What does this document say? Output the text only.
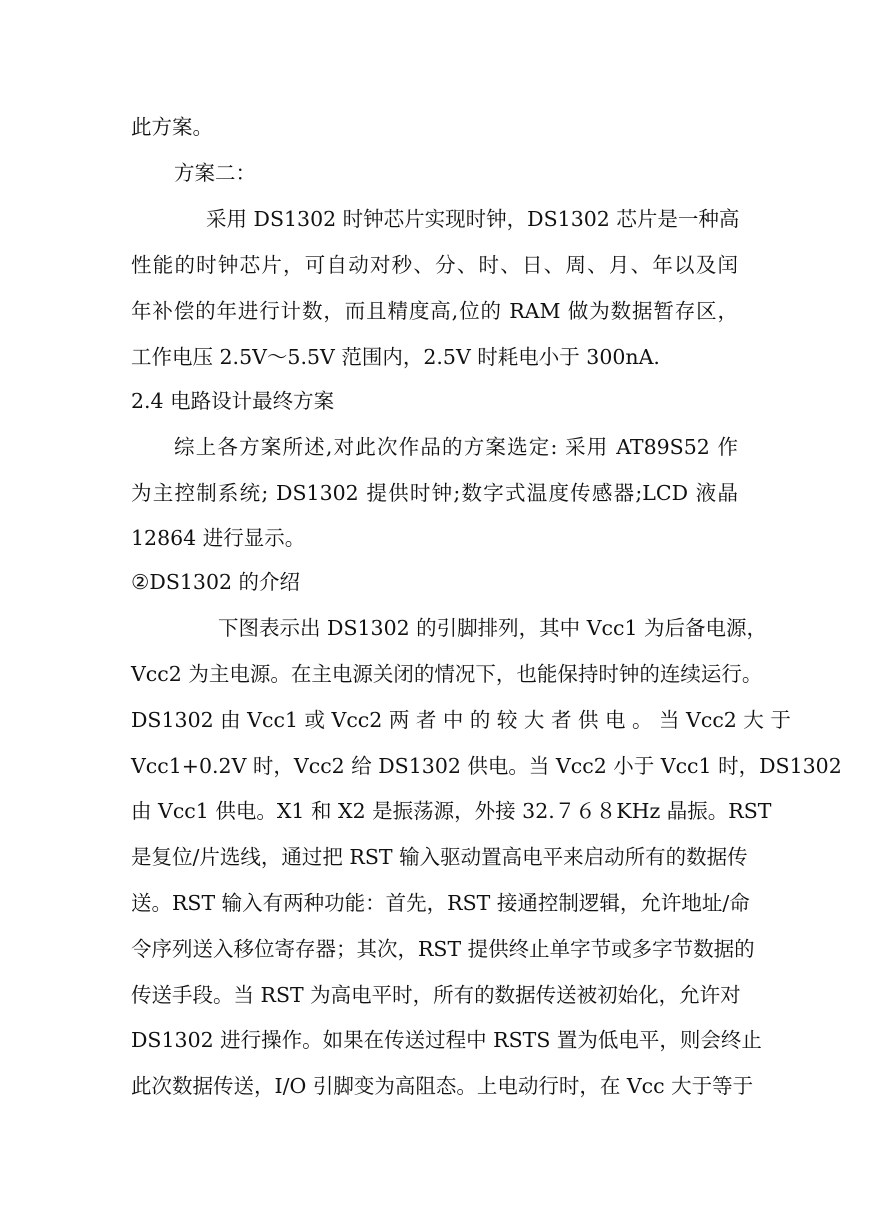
此方案。
方案二：
采用 DS1302 时钟芯片实现时钟，DS1302 芯片是一种高
性能的时钟芯片，可自动对秒、分、时、日、周、月、年以及闰
年补偿的年进行计数，而且精度高,位的 RAM 做为数据暂存区，
工作电压 2.5V～5.5V 范围内，2.5V 时耗电小于 300nA.
2.4 电路设计最终方案
综上各方案所述,对此次作品的方案选定: 采用 AT89S52 作
为主控制系统; DS1302 提供时钟;数字式温度传感器;LCD 液晶
12864 进行显示。
②DS1302 的介绍
下图表示出 DS1302 的引脚排列，其中 Vcc1 为后备电源，
Vcc2 为主电源。在主电源关闭的情况下，也能保持时钟的连续运行。
DS1302 由 Vcc1 或 Vcc2 两 者 中 的 较 大 者 供 电 。 当 Vcc2 大 于
Vcc1+0.2V 时，Vcc2 给 DS1302 供电。当 Vcc2 小于 Vcc1 时，DS1302
由 Vcc1 供电。X1 和 X2 是振荡源，外接 32.７６８KHz 晶振。RST
是复位/片选线，通过把 RST 输入驱动置高电平来启动所有的数据传
送。RST 输入有两种功能：首先，RST 接通控制逻辑，允许地址/命
令序列送入移位寄存器；其次，RST 提供终止单字节或多字节数据的
传送手段。当 RST 为高电平时，所有的数据传送被初始化，允许对
DS1302 进行操作。如果在传送过程中 RSTS 置为低电平，则会终止
此次数据传送，I/O 引脚变为高阻态。上电动行时，在 Vcc 大于等于
